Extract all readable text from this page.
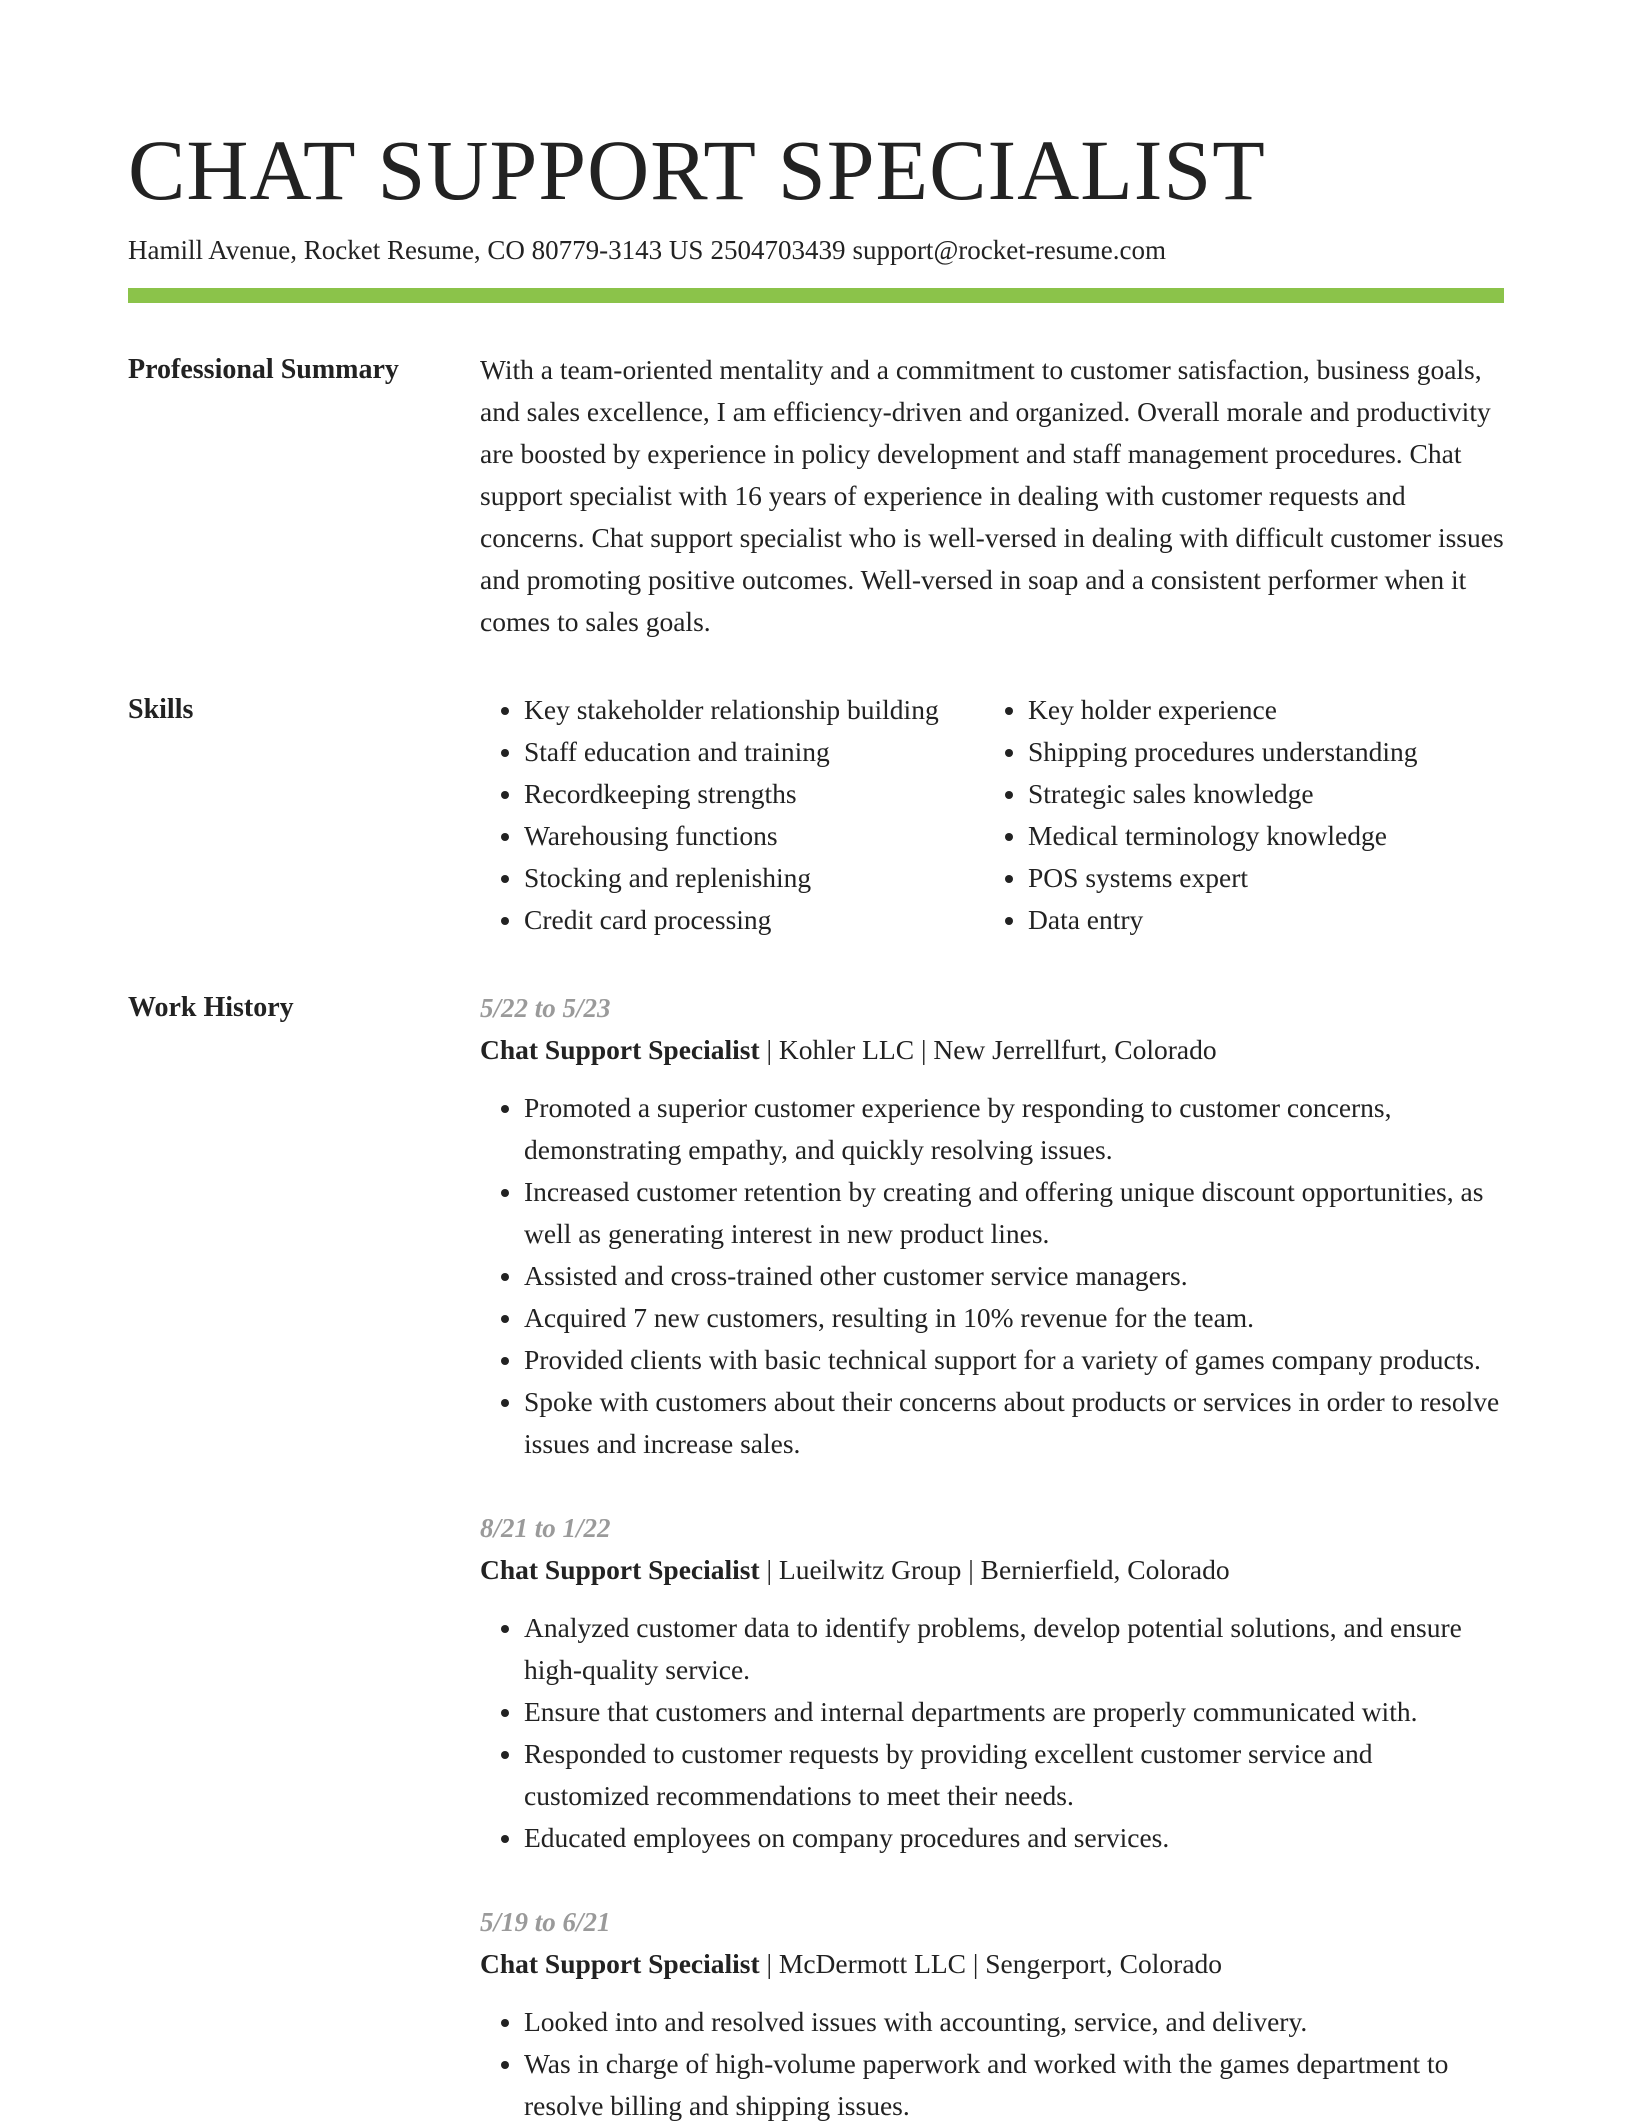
CHAT SUPPORT SPECIALIST
Hamill Avenue, Rocket Resume, CO 80779-3143 US 2504703439 support@rocket-resume.com
Professional Summary	With a team-oriented mentality and a commitment to customer satisfaction, business goals, and sales excellence, I am efficiency-driven and organized. Overall morale and productivity are boosted by experience in policy development and staff management procedures. Chat support specialist with 16 years of experience in dealing with customer requests and concerns. Chat support specialist who is well-versed in dealing with difficult customer issues and promoting positive outcomes. Well-versed in soap and a consistent performer when it comes to sales goals.

Skills
•	Key stakeholder relationship building
• Staff education and training
• Recordkeeping strengths
• Warehousing functions
• Stocking and replenishing
• Credit card processing
• Key holder experience
• Shipping procedures understanding
• Strategic sales knowledge
• Medical terminology knowledge
• POS systems expert
• Data entry
Work History	5/22 to 5/23
Chat Support Specialist | Kohler LLC | New Jerrellfurt, Colorado
• Promoted a superior customer experience by responding to customer concerns, demonstrating empathy, and quickly resolving issues.
• Increased customer retention by creating and offering unique discount opportunities, as well as generating interest in new product lines.
• Assisted and cross-trained other customer service managers.
• Acquired 7 new customers, resulting in 10% revenue for the team.
• Provided clients with basic technical support for a variety of games company products.
• Spoke with customers about their concerns about products or services in order to resolve issues and increase sales.
8/21 to 1/22
Chat Support Specialist | Lueilwitz Group | Bernierfield, Colorado
• Analyzed customer data to identify problems, develop potential solutions, and ensure high-quality service.
• Ensure that customers and internal departments are properly communicated with.
• Responded to customer requests by providing excellent customer service and customized recommendations to meet their needs.
• Educated employees on company procedures and services.
5/19 to 6/21
Chat Support Specialist | McDermott LLC | Sengerport, Colorado
• Looked into and resolved issues with accounting, service, and delivery.
• Was in charge of high-volume paperwork and worked with the games department to resolve billing and shipping issues.
